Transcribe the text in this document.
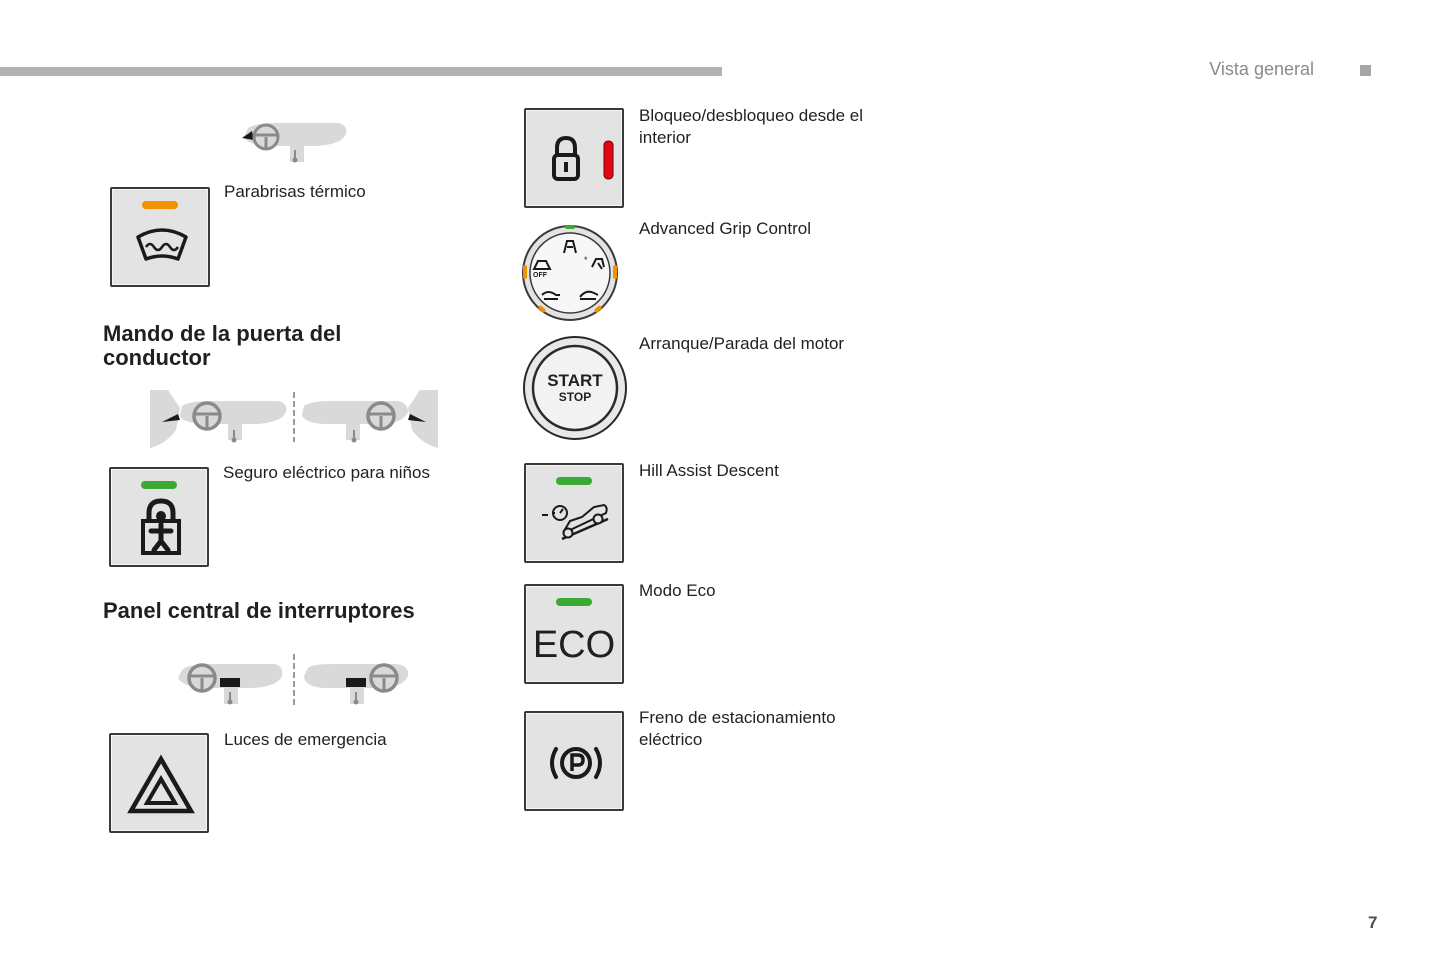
Vista general
Parabrisas térmico
Mando de la puerta del conductor
Seguro eléctrico para niños
Panel central de interruptores
Luces de emergencia
Bloqueo/desbloqueo desde el interior
OFF
*
Advanced Grip Control
START
STOP
Arranque/Parada del motor
Hill Assist Descent
ECO
Modo Eco
Freno de estacionamiento eléctrico
7
